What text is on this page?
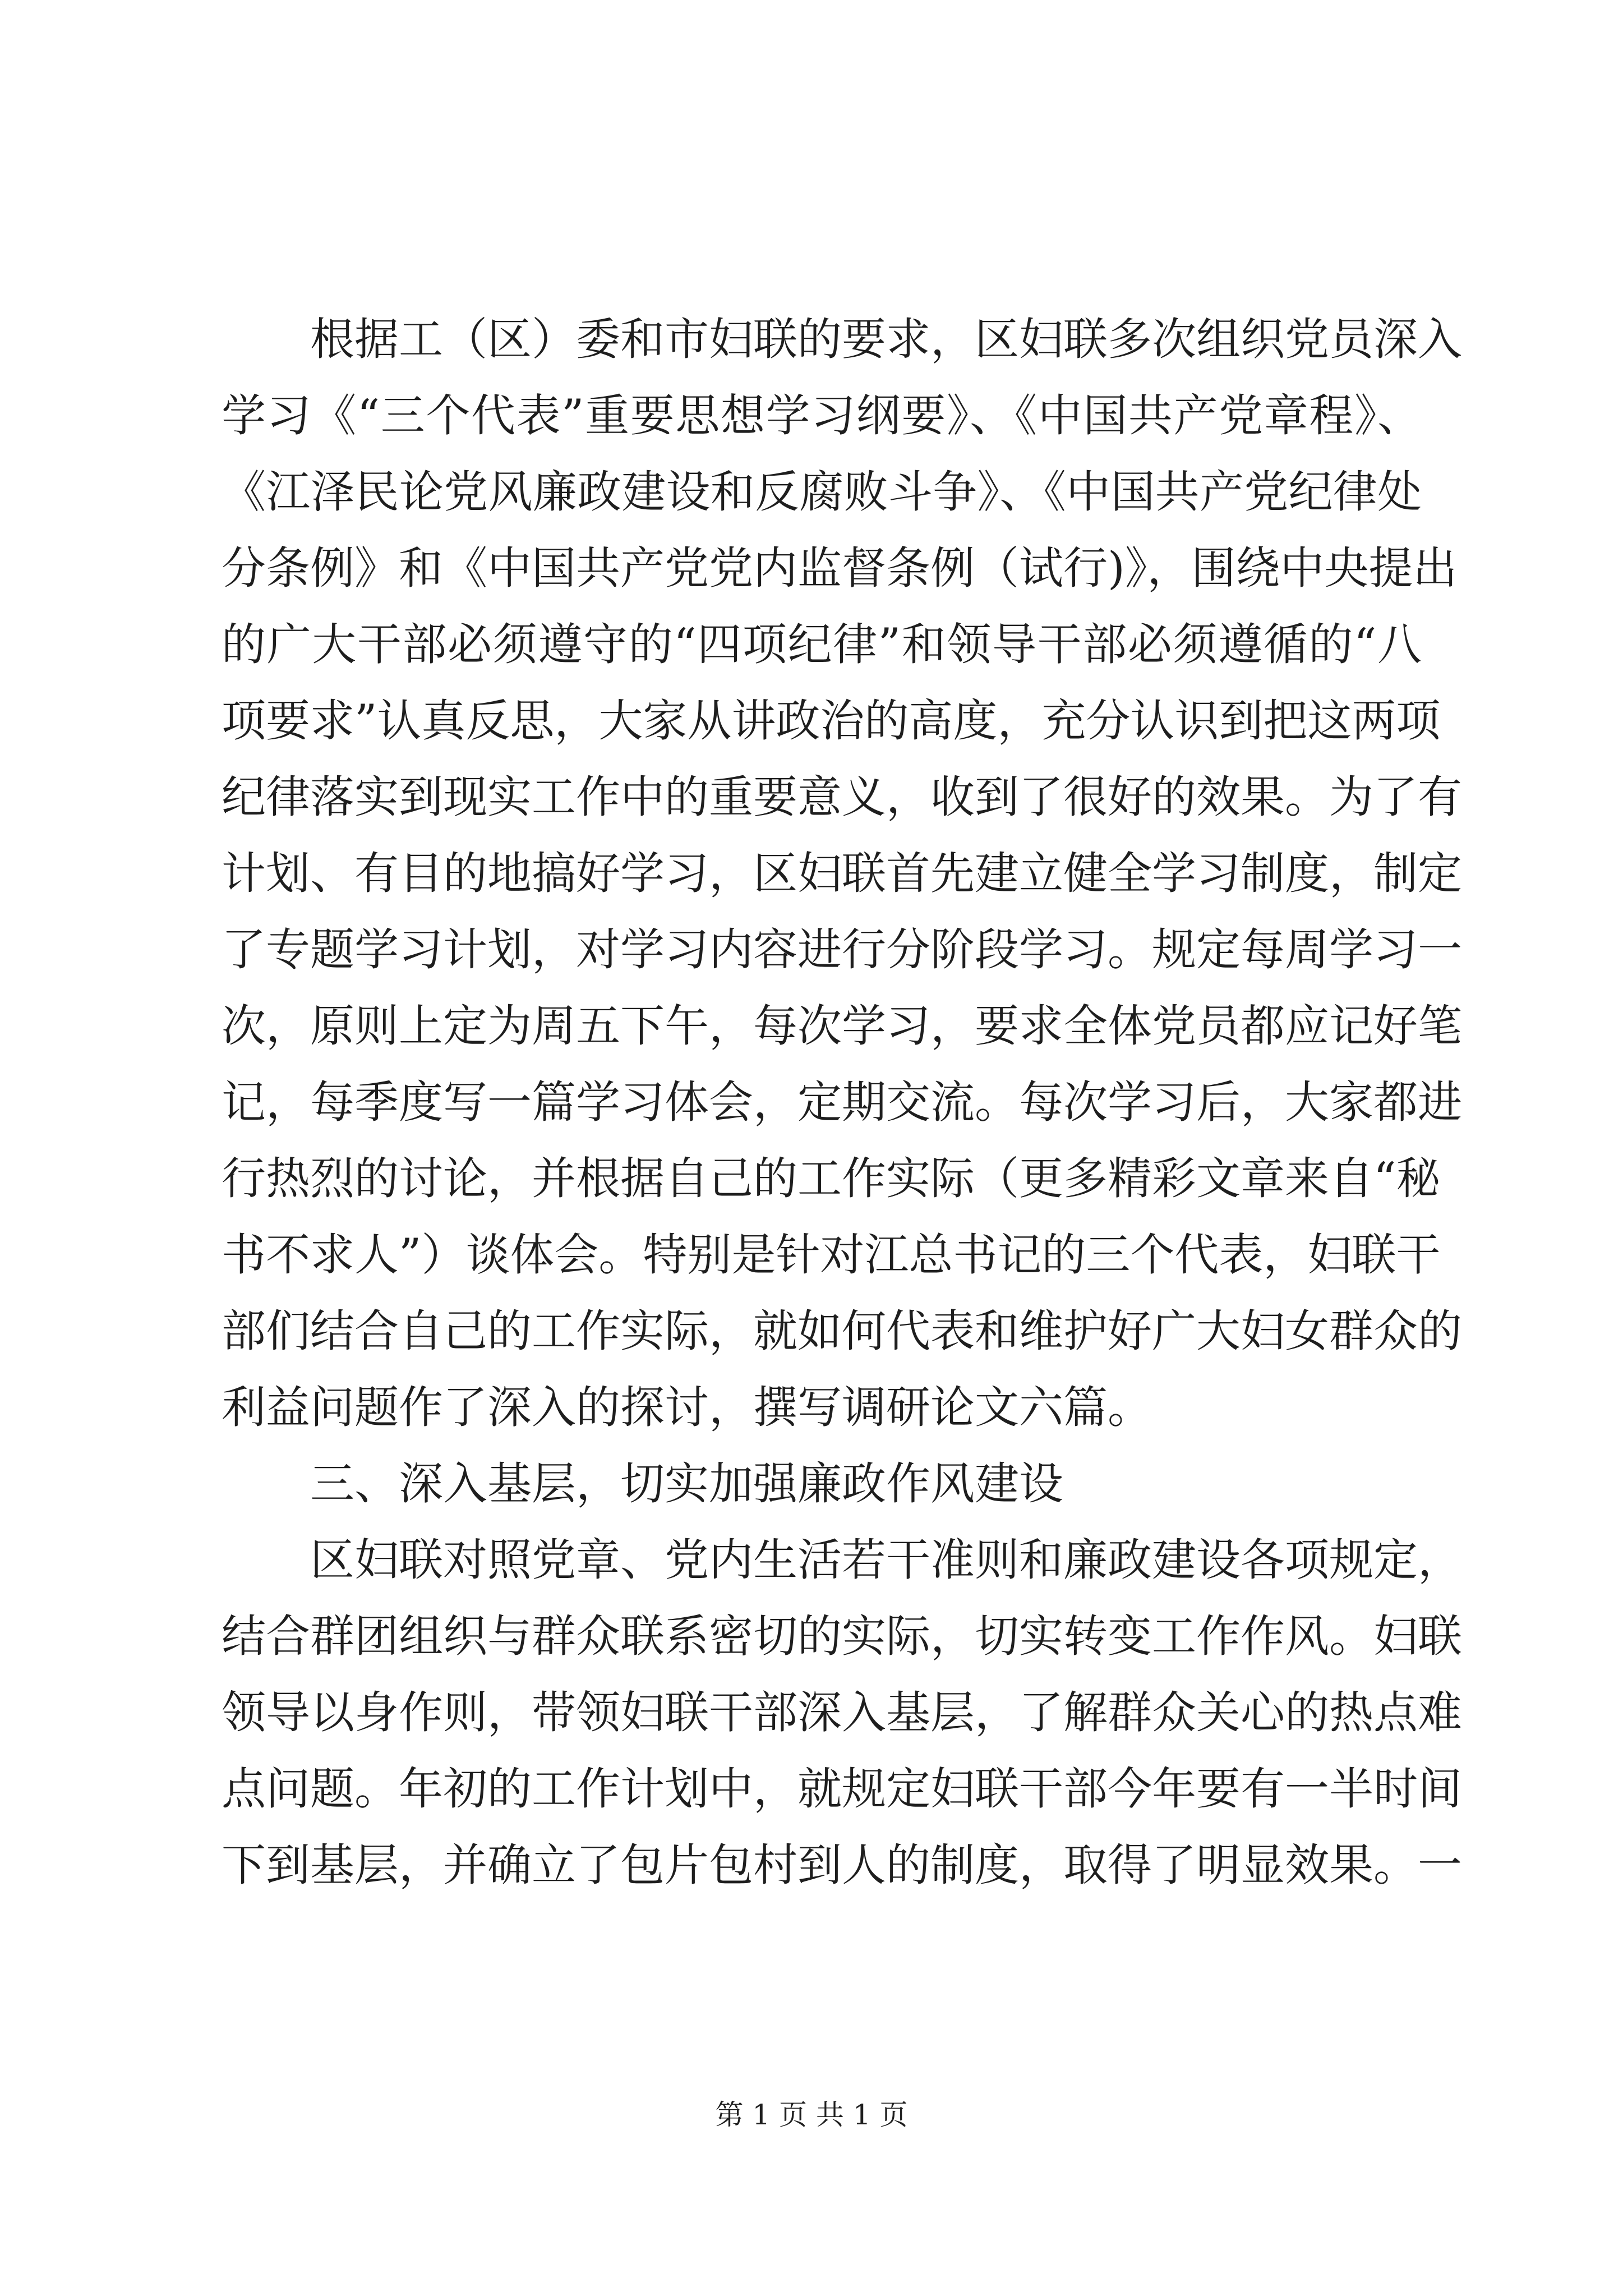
根据工（区）委和市妇联的要求，区妇联多次组织党员深入
学习《“三个代表”重要思想学习纲要》、《中国共产党章程》、
《江泽民论党风廉政建设和反腐败斗争》、《中国共产党纪律处
分条例》和《中国共产党党内监督条例（试行)》，围绕中央提出
的广大干部必须遵守的“四项纪律”和领导干部必须遵循的“八
项要求”认真反思，大家从讲政治的高度，充分认识到把这两项
纪律落实到现实工作中的重要意义，收到了很好的效果。为了有
计划、有目的地搞好学习，区妇联首先建立健全学习制度，制定
了专题学习计划，对学习内容进行分阶段学习。规定每周学习一
次，原则上定为周五下午，每次学习，要求全体党员都应记好笔
记，每季度写一篇学习体会，定期交流。每次学习后，大家都进
行热烈的讨论，并根据自己的工作实际（更多精彩文章来自“秘
书不求人”）谈体会。特别是针对江总书记的三个代表，妇联干
部们结合自己的工作实际，就如何代表和维护好广大妇女群众的
利益问题作了深入的探讨，撰写调研论文六篇。
三、深入基层，切实加强廉政作风建设
区妇联对照党章、党内生活若干准则和廉政建设各项规定，
结合群团组织与群众联系密切的实际，切实转变工作作风。妇联
领导以身作则，带领妇联干部深入基层，了解群众关心的热点难
点问题。年初的工作计划中，就规定妇联干部今年要有一半时间
下到基层，并确立了包片包村到人的制度，取得了明显效果。一
第 1 页 共 1 页
